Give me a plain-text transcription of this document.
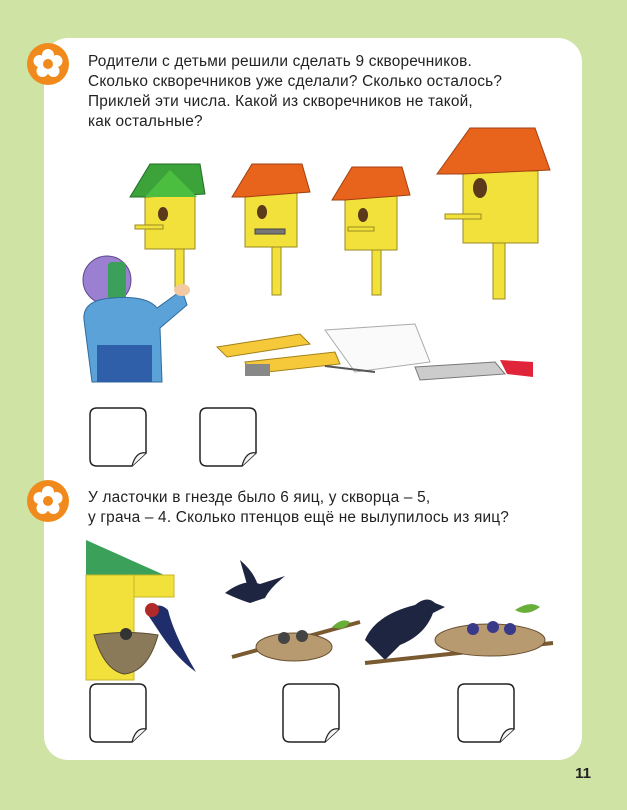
Родители с детьми решили сделать 9 скворечников.
Сколько скворечников уже сделали? Сколько осталось?
Приклей эти числа. Какой из скворечников не такой,
как остальные?
У ласточки в гнезде было 6 яиц, у скворца – 5,
у грача – 4. Сколько птенцов ещё не вылупилось из яиц?
11
